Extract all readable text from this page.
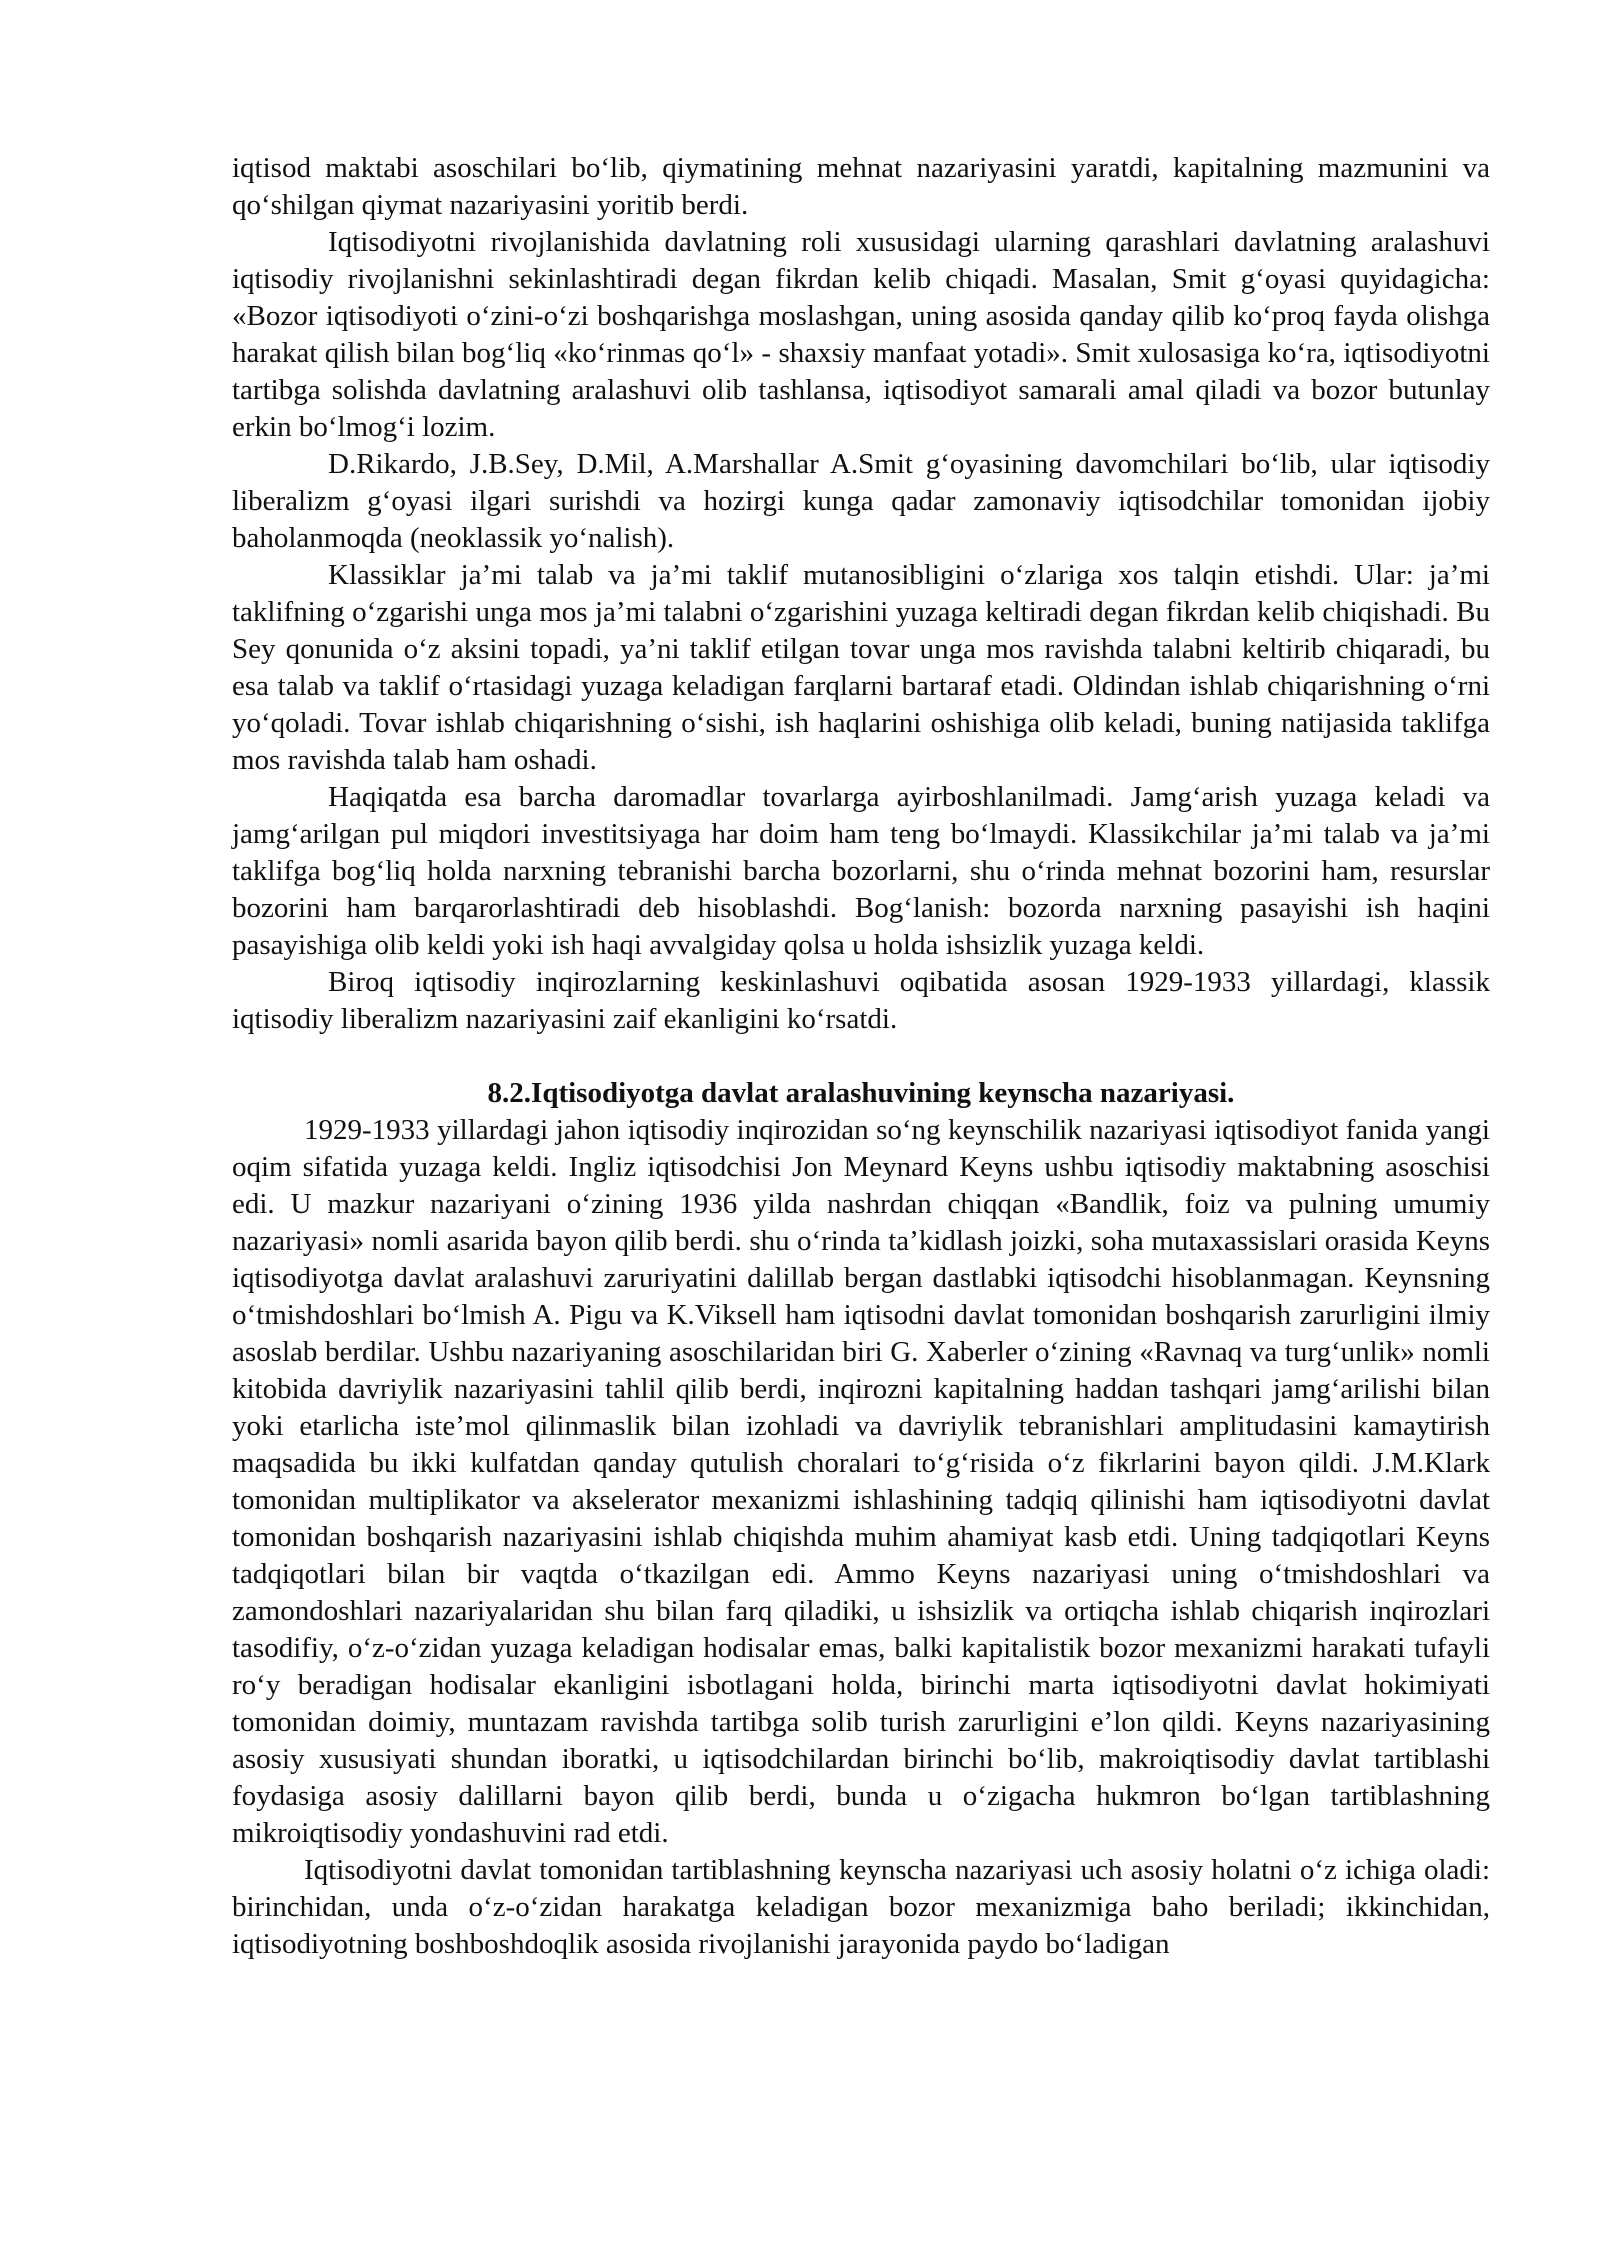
iqtisod maktabi asoschilari bo‘lib, qiymatining mehnat nazariyasini yaratdi, kapitalning mazmunini va qo‘shilgan qiymat nazariyasini yoritib berdi.

Iqtisodiyotni rivojlanishida davlatning roli xususidagi ularning qarashlari davlatning aralashuvi iqtisodiy rivojlanishni sekinlashtiradi degan fikrdan kelib chiqadi. Masalan, Smit g‘oyasi quyidagicha: «Bozor iqtisodiyoti o‘zini-o‘zi boshqarishga moslashgan, uning asosida qanday qilib ko‘proq fayda olishga harakat qilish bilan bog‘liq «ko‘rinmas qo‘l» - shaxsiy manfaat yotadi». Smit xulosasiga ko‘ra, iqtisodiyotni tartibga solishda davlatning aralashuvi olib tashlansa, iqtisodiyot samarali amal qiladi va bozor butunlay erkin bo‘lmog‘i lozim.

D.Rikardo, J.B.Sey, D.Mil, A.Marshallar A.Smit g‘oyasining davomchilari bo‘lib, ular iqtisodiy liberalizm g‘oyasi ilgari surishdi va hozirgi kunga qadar zamonaviy iqtisodchilar tomonidan ijobiy baholanmoqda (neoklassik yo‘nalish).

Klassiklar ja’mi talab va ja’mi taklif mutanosibligini o‘zlariga xos talqin etishdi. Ular: ja’mi taklifning o‘zgarishi unga mos ja’mi talabni o‘zgarishini yuzaga keltiradi degan fikrdan kelib chiqishadi. Bu Sey qonunida o‘z aksini topadi, ya’ni taklif etilgan tovar unga mos ravishda talabni keltirib chiqaradi, bu esa talab va taklif o‘rtasidagi yuzaga keladigan farqlarni bartaraf etadi. Oldindan ishlab chiqarishning o‘rni yo‘qoladi. Tovar ishlab chiqarishning o‘sishi, ish haqlarini oshishiga olib keladi, buning natijasida taklifga mos ravishda talab ham oshadi.

Haqiqatda esa barcha daromadlar tovarlarga ayirboshlanilmadi. Jamg‘arish yuzaga keladi va jamg‘arilgan pul miqdori investitsiyaga har doim ham teng bo‘lmaydi. Klassikchilar ja’mi talab va ja’mi taklifga bog‘liq holda narxning tebranishi barcha bozorlarni, shu o‘rinda mehnat bozorini ham, resurslar bozorini ham barqarorlashtiradi deb hisoblashdi. Bog‘lanish: bozorda narxning pasayishi ish haqini pasayishiga olib keldi yoki ish haqi avvalgiday qolsa u holda ishsizlik yuzaga keldi.

Biroq iqtisodiy inqirozlarning keskinlashuvi oqibatida asosan 1929-1933 yillardagi, klassik iqtisodiy liberalizm nazariyasini zaif ekanligini ko‘rsatdi.

8.2.Iqtisodiyotga davlat aralashuvining keynscha nazariyasi.

1929-1933 yillardagi jahon iqtisodiy inqirozidan so‘ng keynschilik nazariyasi iqtisodiyot fanida yangi oqim sifatida yuzaga keldi. Ingliz iqtisodchisi Jon Meynard Keyns ushbu iqtisodiy maktabning asoschisi edi. U mazkur nazariyani o‘zining 1936 yilda nashrdan chiqqan «Bandlik, foiz va pulning umumiy nazariyasi» nomli asarida bayon qilib berdi. shu o‘rinda ta’kidlash joizki, soha mutaxassislari orasida Keyns iqtisodiyotga davlat aralashuvi zaruriyatini dalillab bergan dastlabki iqtisodchi hisoblanmagan. Keynsning o‘tmishdoshlari bo‘lmish A. Pigu va K.Viksell ham iqtisodni davlat tomonidan boshqarish zarurligini ilmiy asoslab berdilar. Ushbu nazariyaning asoschilaridan biri G. Xaberler o‘zining «Ravnaq va turg‘unlik» nomli kitobida davriylik nazariyasini tahlil qilib berdi, inqirozni kapitalning haddan tashqari jamg‘arilishi bilan yoki etarlicha iste’mol qilinmaslik bilan izohladi va davriylik tebranishlari amplitudasini kamaytirish maqsadida bu ikki kulfatdan qanday qutulish choralari to‘g‘risida o‘z fikrlarini bayon qildi. J.M.Klark tomonidan multiplikator va akselerator mexanizmi ishlashining tadqiq qilinishi ham iqtisodiyotni davlat tomonidan boshqarish nazariyasini ishlab chiqishda muhim ahamiyat kasb etdi. Uning tadqiqotlari Keyns tadqiqotlari bilan bir vaqtda o‘tkazilgan edi. Ammo Keyns nazariyasi uning o‘tmishdoshlari va zamondoshlari nazariyalaridan shu bilan farq qiladiki, u ishsizlik va ortiqcha ishlab chiqarish inqirozlari tasodifiy, o‘z-o‘zidan yuzaga keladigan hodisalar emas, balki kapitalistik bozor mexanizmi harakati tufayli ro‘y beradigan hodisalar ekanligini isbotlagani holda, birinchi marta iqtisodiyotni davlat hokimiyati tomonidan doimiy, muntazam ravishda tartibga solib turish zarurligini e’lon qildi. Keyns nazariyasining asosiy xususiyati shundan iboratki, u iqtisodchilardan birinchi bo‘lib, makroiqtisodiy davlat tartiblashi foydasiga asosiy dalillarni bayon qilib berdi, bunda u o‘zigacha hukmron bo‘lgan tartiblashning mikroiqtisodiy yondashuvini rad etdi.

Iqtisodiyotni davlat tomonidan tartiblashning keynscha nazariyasi uch asosiy holatni o‘z ichiga oladi: birinchidan, unda o‘z-o‘zidan harakatga keladigan bozor mexanizmiga baho beriladi; ikkinchidan, iqtisodiyotning boshboshdoqlik asosida rivojlanishi jarayonida paydo bo‘ladigan
